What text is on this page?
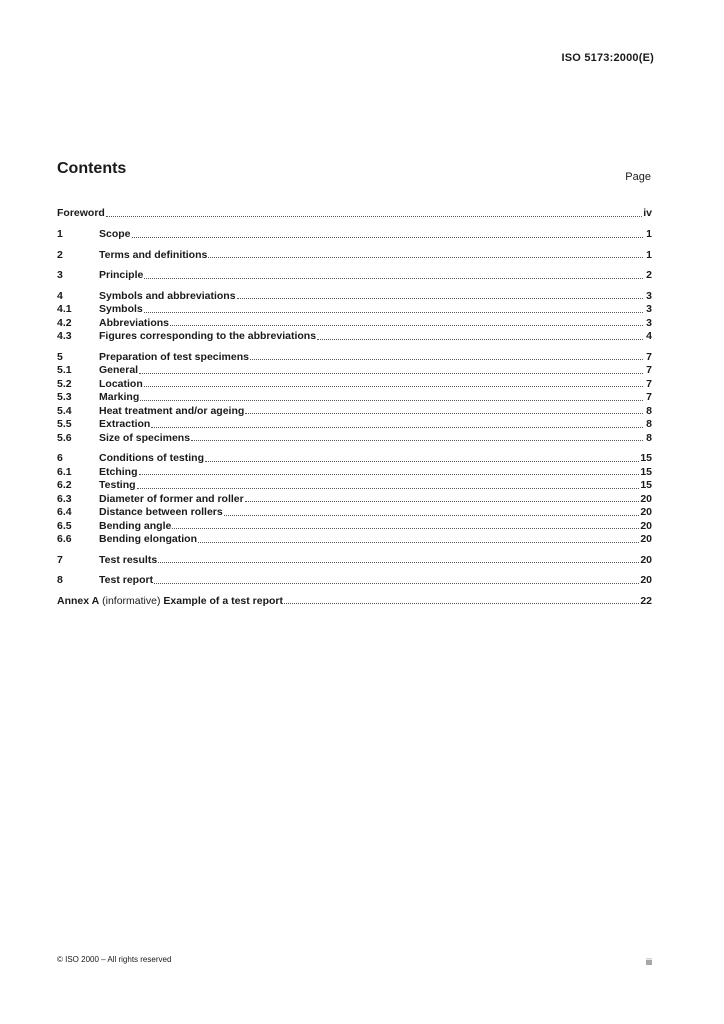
ISO 5173:2000(E)
Contents	Page
Foreword	iv
1	Scope	1
2	Terms and definitions	1
3	Principle	2
4	Symbols and abbreviations	3
4.1	Symbols	3
4.2	Abbreviations	3
4.3	Figures corresponding to the abbreviations	4
5	Preparation of test specimens	7
5.1	General	7
5.2	Location	7
5.3	Marking	7
5.4	Heat treatment and/or ageing	8
5.5	Extraction	8
5.6	Size of specimens	8
6	Conditions of testing	15
6.1	Etching	15
6.2	Testing	15
6.3	Diameter of former and roller	20
6.4	Distance between rollers	20
6.5	Bending angle	20
6.6	Bending elongation	20
7	Test results	20
8	Test report	20
Annex A (informative) Example of a test report	22
© ISO 2000 – All rights reserved	iii
